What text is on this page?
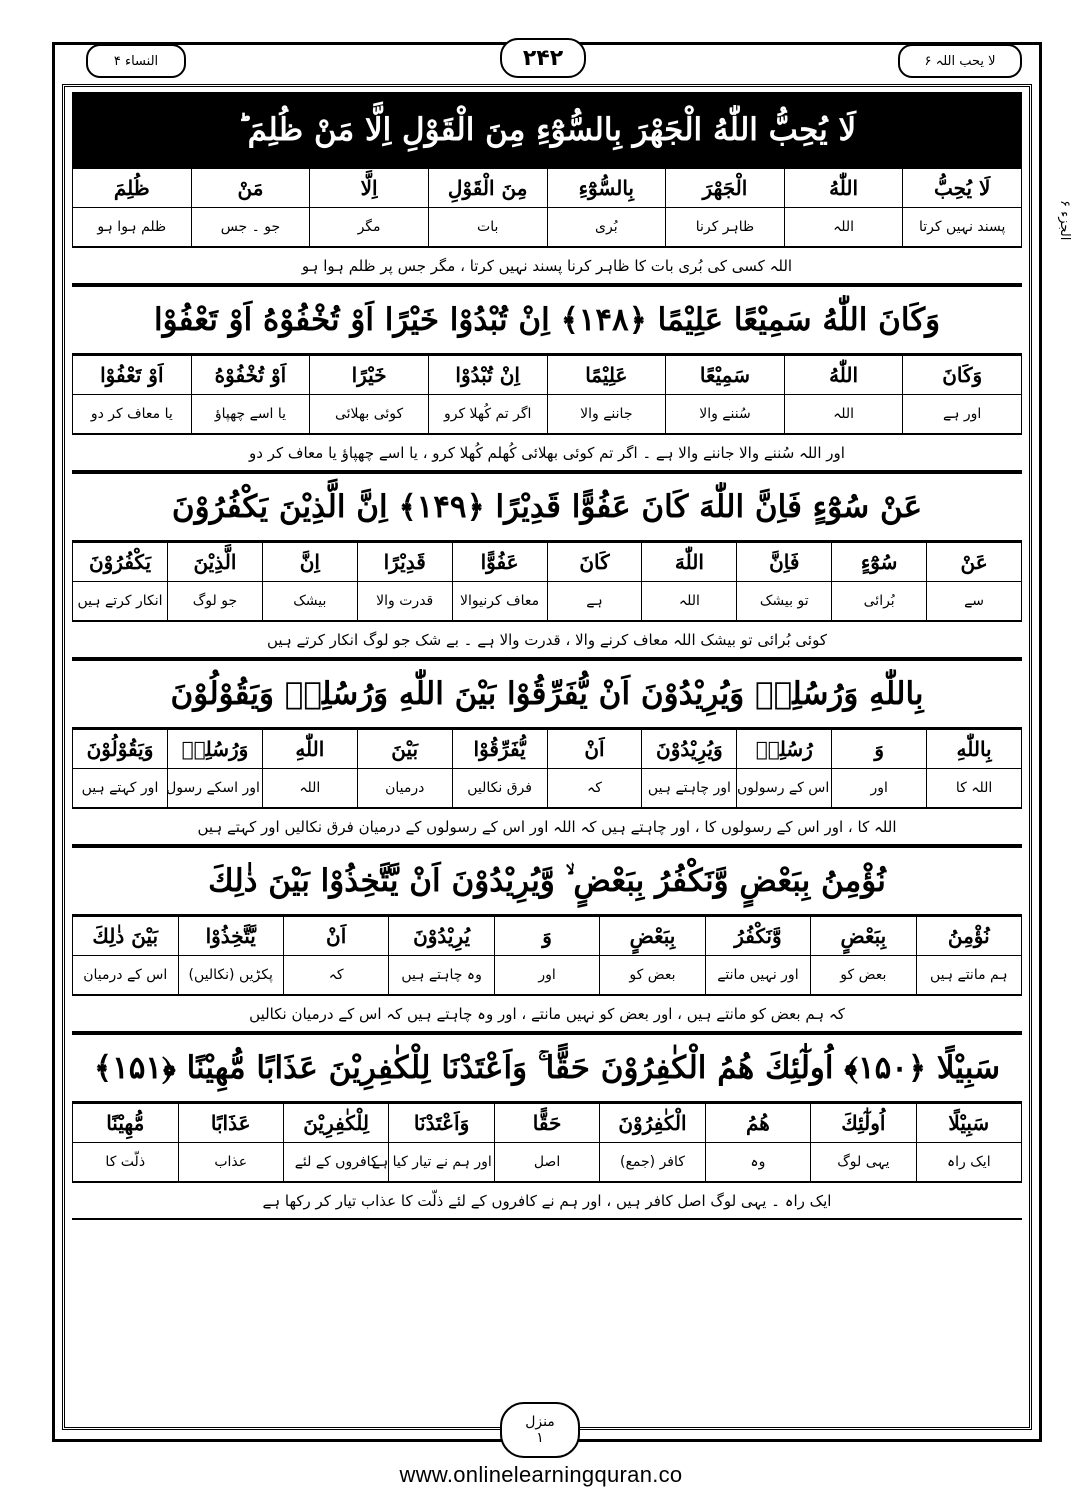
النساء ۴	۲۴۲	لا یحب اللہ ۶
الجزء ۶
لَا يُحِبُّ اللّٰهُ الْجَهْرَ بِالسُّوْٓءِ مِنَ الْقَوْلِ اِلَّا مَنْ ظُلِمَ ؕ
لَا يُحِبُّ	اللّٰهُ	الْجَهْرَ	بِالسُّوْٓءِ	مِنَ الْقَوْلِ	اِلَّا	مَنْ	ظُلِمَ
پسند نہیں کرتا	اللہ	ظاہر کرنا	بُری	بات	مگر	جو ۔ جس	ظلم ہوا ہو
اللہ کسی کی بُری بات کا ظاہر کرنا پسند نہیں کرتا ، مگر جس پر ظلم ہوا ہو
وَكَانَ اللّٰهُ سَمِيْعًا عَلِيْمًا ﴿۱۴۸﴾ اِنْ تُبْدُوْا خَيْرًا اَوْ تُخْفُوْهُ اَوْ تَعْفُوْا
وَكَانَ	اللّٰهُ	سَمِيْعًا	عَلِيْمًا	اِنْ تُبْدُوْا	خَيْرًا	اَوْ تُخْفُوْهُ	اَوْ تَعْفُوْا
اور ہے	اللہ	سُننے والا	جاننے والا	اگر تم کُھلا کرو	کوئی بھلائی	یا اسے چھپاؤ	یا معاف کر دو
اور اللہ سُننے والا جاننے والا ہے ۔ اگر تم کوئی بھلائی کُھلم کُھلا کرو ، یا اسے چھپاؤ یا معاف کر دو
عَنْ سُوْٓءٍ فَاِنَّ اللّٰهَ كَانَ عَفُوًّا قَدِيْرًا ﴿۱۴۹﴾ اِنَّ الَّذِيْنَ يَكْفُرُوْنَ
عَنْ	سُوْٓءٍ	فَاِنَّ	اللّٰهَ	كَانَ	عَفُوًّا	قَدِيْرًا	اِنَّ	الَّذِيْنَ	يَكْفُرُوْنَ
سے	بُرائی	تو بیشک	اللہ	ہے	معاف کرنیوالا	قدرت والا	بیشک	جو لوگ	انکار کرتے ہیں
کوئی بُرائی تو بیشک اللہ معاف کرنے والا ، قدرت والا ہے ۔ بے شک جو لوگ انکار کرتے ہیں
بِاللّٰهِ وَرُسُلِهٖ وَيُرِيْدُوْنَ اَنْ يُّفَرِّقُوْا بَيْنَ اللّٰهِ وَرُسُلِهٖ وَيَقُوْلُوْنَ
بِاللّٰهِ	وَ	رُسُلِهٖ	وَيُرِيْدُوْنَ	اَنْ	يُّفَرِّقُوْا	بَيْنَ	اللّٰهِ	وَرُسُلِهٖ	وَيَقُوْلُوْنَ
اللہ کا	اور	اس کے رسولوں	اور چاہتے ہیں	کہ	فرق نکالیں	درمیان	اللہ	اور اسکے رسول	اور کہتے ہیں
اللہ کا ، اور اس کے رسولوں کا ، اور چاہتے ہیں کہ اللہ اور اس کے رسولوں کے درمیان فرق نکالیں اور کہتے ہیں
نُؤْمِنُ بِبَعْضٍ وَّنَكْفُرُ بِبَعْضٍ ۙ وَّيُرِيْدُوْنَ اَنْ يَّتَّخِذُوْا بَيْنَ ذٰلِكَ
نُؤْمِنُ	بِبَعْضٍ	وَّنَكْفُرُ	بِبَعْضٍ	وَ	يُرِيْدُوْنَ	اَنْ	يَّتَّخِذُوْا	بَيْنَ ذٰلِكَ
ہم مانتے ہیں	بعض کو	اور نہیں مانتے	بعض کو	اور	وہ چاہتے ہیں	کہ	پکڑیں (نکالیں)	اس کے درمیان
کہ ہم بعض کو مانتے ہیں ، اور بعض کو نہیں مانتے ، اور وہ چاہتے ہیں کہ اس کے درمیان نکالیں
سَبِيْلًا ﴿۱۵۰﴾ اُولٰٓئِكَ هُمُ الْكٰفِرُوْنَ حَقًّا ۚ وَاَعْتَدْنَا لِلْكٰفِرِيْنَ عَذَابًا مُّهِيْنًا ﴿۱۵۱﴾
سَبِيْلًا	اُولٰٓئِكَ	هُمُ	الْكٰفِرُوْنَ	حَقًّا	وَاَعْتَدْنَا	لِلْكٰفِرِيْنَ	عَذَابًا	مُّهِيْنًا
ایک راہ	یہی لوگ	وہ	کافر (جمع)	اصل	اور ہم نے تیار کیا ہے	کافروں کے لئے	عذاب	ذلّت کا
ایک راہ ۔ یہی لوگ اصل کافر ہیں ، اور ہم نے کافروں کے لئے ذلّت کا عذاب تیار کر رکھا ہے
منزل
۱
www.onlinelearningquran.co
